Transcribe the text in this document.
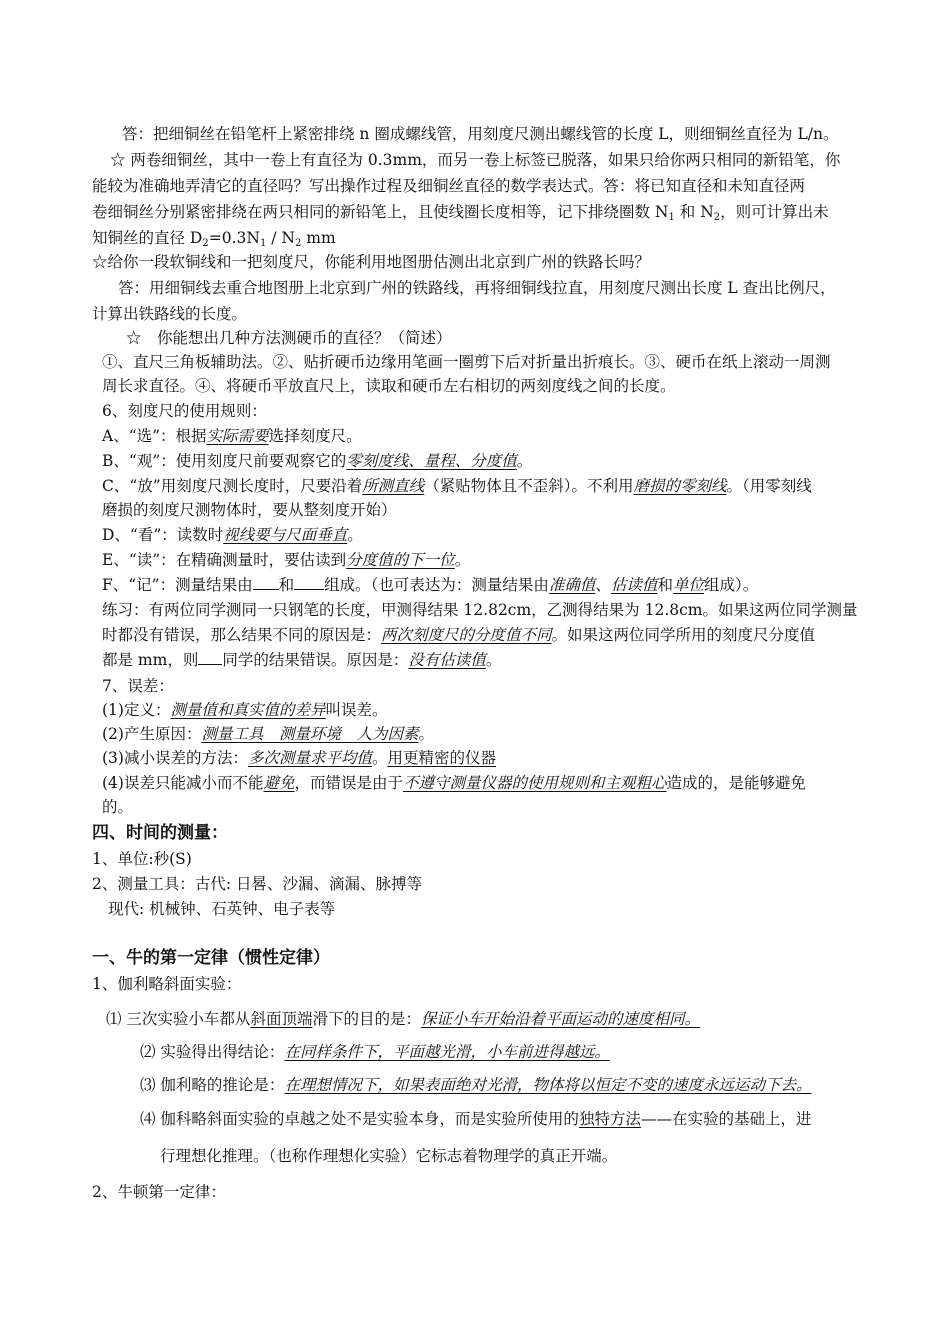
答：把细铜丝在铅笔杆上紧密排绕 n 圈成螺线管，用刻度尺测出螺线管的长度 L，则细铜丝直径为 L/n。
☆ 两卷细铜丝，其中一卷上有直径为 0.3mm，而另一卷上标签已脱落，如果只给你两只相同的新铅笔，你
能较为准确地弄清它的直径吗？写出操作过程及细铜丝直径的数学表达式。答：将已知直径和未知直径两
卷细铜丝分别紧密排绕在两只相同的新铅笔上，且使线圈长度相等，记下排绕圈数 $N_1$ 和 $N_2$，则可计算出未
知铜丝的直径 $D_2=0.3N_1 / N_2$ mm
☆给你一段软铜线和一把刻度尺，你能利用地图册估测出北京到广州的铁路长吗？
答：用细铜线去重合地图册上北京到广州的铁路线，再将细铜线拉直，用刻度尺测出长度 L 查出比例尺，
计算出铁路线的长度。
☆　你能想出几种方法测硬币的直径？（简述）
①、直尺三角板辅助法。②、贴折硬币边缘用笔画一圈剪下后对折量出折痕长。③、硬币在纸上滚动一周测
周长求直径。④、将硬币平放直尺上，读取和硬币左右相切的两刻度线之间的长度。
6、刻度尺的使用规则：
A、“选”：根据实际需要选择刻度尺。
B、“观”：使用刻度尺前要观察它的零刻度线、量程、分度值。
C、“放”用刻度尺测长度时，尺要沿着所测直线（紧贴物体且不歪斜）。不利用磨损的零刻线。（用零刻线
磨损的刻度尺测物体时，要从整刻度开始）
D、“看”：读数时视线要与尺面垂直。
E、“读”：在精确测量时，要估读到分度值的下一位。
F、“记”：测量结果由 和 组成。（也可表达为：测量结果由准确值、估读值和单位组成）。
练习：有两位同学测同一只钢笔的长度，甲测得结果 12.82cm，乙测得结果为 12.8cm。如果这两位同学测量
时都没有错误，那么结果不同的原因是：两次刻度尺的分度值不同。如果这两位同学所用的刻度尺分度值
都是 mm，则 同学的结果错误。原因是：没有估读值。
7、误差：
(1)定义：测量值和真实值的差异叫误差。
(2)产生原因：测量工具　测量环境　人为因素。
(3)减小误差的方法：多次测量求平均值。用更精密的仪器
(4)误差只能减小而不能避免，而错误是由于不遵守测量仪器的使用规则和主观粗心造成的，是能够避免
的。
四、时间的测量：
1、单位:秒(S)
2、测量工具：古代: 日晷、沙漏、滴漏、脉搏等
现代: 机械钟、石英钟、电子表等
一、牛的第一定律（惯性定律）
1、伽利略斜面实验：
⑴ 三次实验小车都从斜面顶端滑下的目的是：保证小车开始沿着平面运动的速度相同。
⑵ 实验得出得结论：在同样条件下，平面越光滑，小车前进得越远。
⑶ 伽利略的推论是：在理想情况下，如果表面绝对光滑，物体将以恒定不变的速度永远运动下去。
⑷ 伽科略斜面实验的卓越之处不是实验本身，而是实验所使用的独特方法——在实验的基础上，进
行理想化推理。（也称作理想化实验）它标志着物理学的真正开端。
2、牛顿第一定律：
